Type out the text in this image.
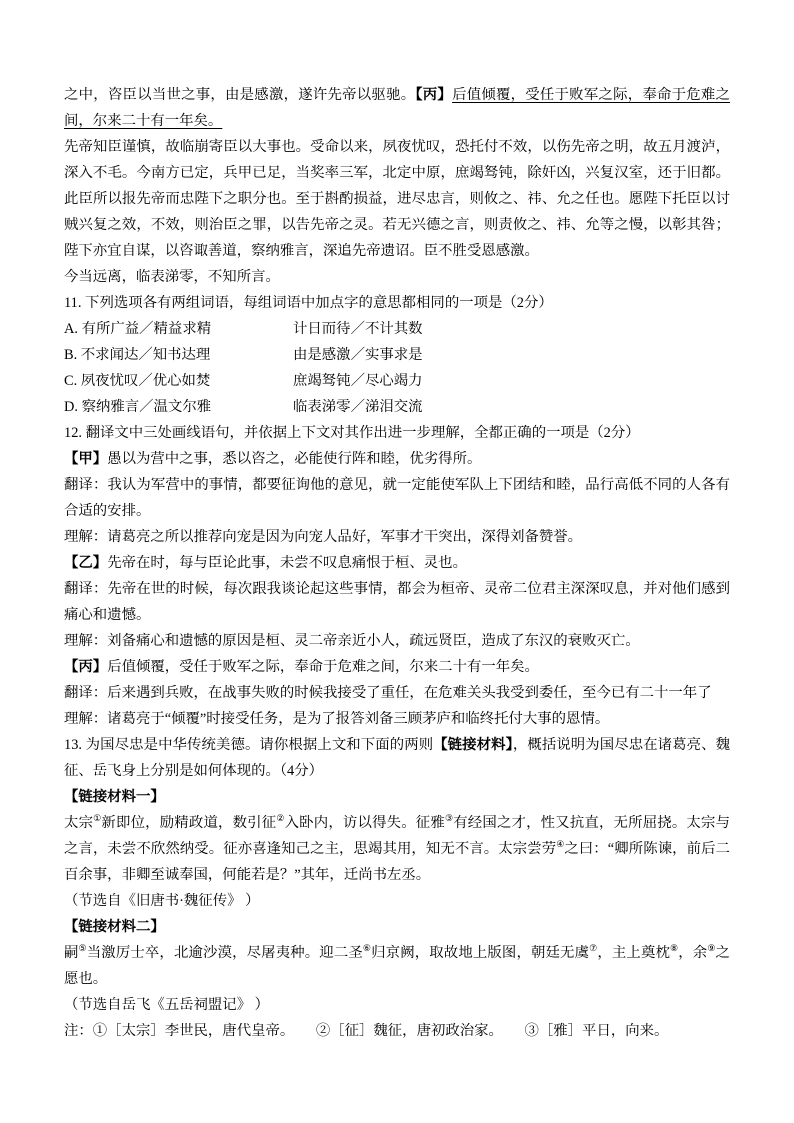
之中，咨臣以当世之事，由是感激，遂许先帝以驱驰。【丙】后值倾覆，受任于败军之际，奉命于危难之间，尔来二十有一年矣。

先帝知臣谨慎，故临崩寄臣以大事也。受命以来，夙夜忧叹，恐托付不效，以伤先帝之明，故五月渡泸，深入不毛。今南方已定，兵甲已足，当奖率三军，北定中原，庶竭驽钝，除奸凶，兴复汉室，还于旧都。此臣所以报先帝而忠陛下之职分也。至于斟酌损益，进尽忠言，则攸之、祎、允之任也。愿陛下托臣以讨贼兴复之效，不效，则治臣之罪，以告先帝之灵。若无兴德之言，则责攸之、祎、允等之慢，以彰其咎；陛下亦宜自谋，以咨诹善道，察纳雅言，深追先帝遗诏。臣不胜受恩感激。

今当远离，临表涕零，不知所言。

11. 下列选项各有两组词语，每组词语中加点字的意思都相同的一项是（2分）

A. 有所广益／精益求精	计日而待／不计其数

B. 不求闻达／知书达理	由是感激／实事求是

C. 夙夜忧叹／优心如焚	庶竭驽钝／尽心竭力

D. 察纳雅言／温文尔雅	临表涕零／涕泪交流

12. 翻译文中三处画线语句，并依据上下文对其作出进一步理解，全都正确的一项是（2分）

【甲】愚以为营中之事，悉以咨之，必能使行阵和睦，优劣得所。

翻译：我认为军营中的事情，都要征询他的意见，就一定能使军队上下团结和睦，品行高低不同的人各有合适的安排。

理解：请葛亮之所以推荐向宠是因为向宠人品好，军事才干突出，深得刘备赞誉。

【乙】先帝在时，每与臣论此事，未尝不叹息痛恨于桓、灵也。

翻译：先帝在世的时候，每次跟我谈论起这些事情，都会为桓帝、灵帝二位君主深深叹息，并对他们感到痛心和遗憾。

理解：刘备痛心和遗憾的原因是桓、灵二帝亲近小人，疏远贤臣，造成了东汉的衰败灭亡。

【丙】后值倾覆，受任于败军之际，奉命于危难之间，尔来二十有一年矣。

翻译：后来遇到兵败，在战事失败的时候我接受了重任，在危难关头我受到委任，至今已有二十一年了

理解：诸葛亮于“倾覆”时接受任务，是为了报答刘备三顾茅庐和临终托付大事的恩情。

13. 为国尽忠是中华传统美德。请你根据上文和下面的两则【链接材料】，概括说明为国尽忠在诸葛亮、魏征、岳飞身上分别是如何体现的。（4分）

【链接材料一】

太宗①新即位，励精政道，数引征②入卧内，访以得失。征雅③有经国之才，性又抗直，无所屈挠。太宗与之言，未尝不欣然纳受。征亦喜逢知己之主，思竭其用，知无不言。太宗尝劳④之曰：“卿所陈谏，前后二百余事，非卿至诚奉国，何能若是？”其年，迁尚书左丞。

（节选自《旧唐书·魏征传》 ）

【链接材料二】

嗣⑤当激厉士卒，北逾沙漠，尽屠夷种。迎二圣⑥归京阙，取故地上版图，朝廷无虞⑦，主上奠枕⑧，余⑨之愿也。

（节选自岳飞《五岳祠盟记》 ）

注：①［太宗］李世民，唐代皇帝。　　②［征］魏征，唐初政治家。　　③［雅］平日，向来。
